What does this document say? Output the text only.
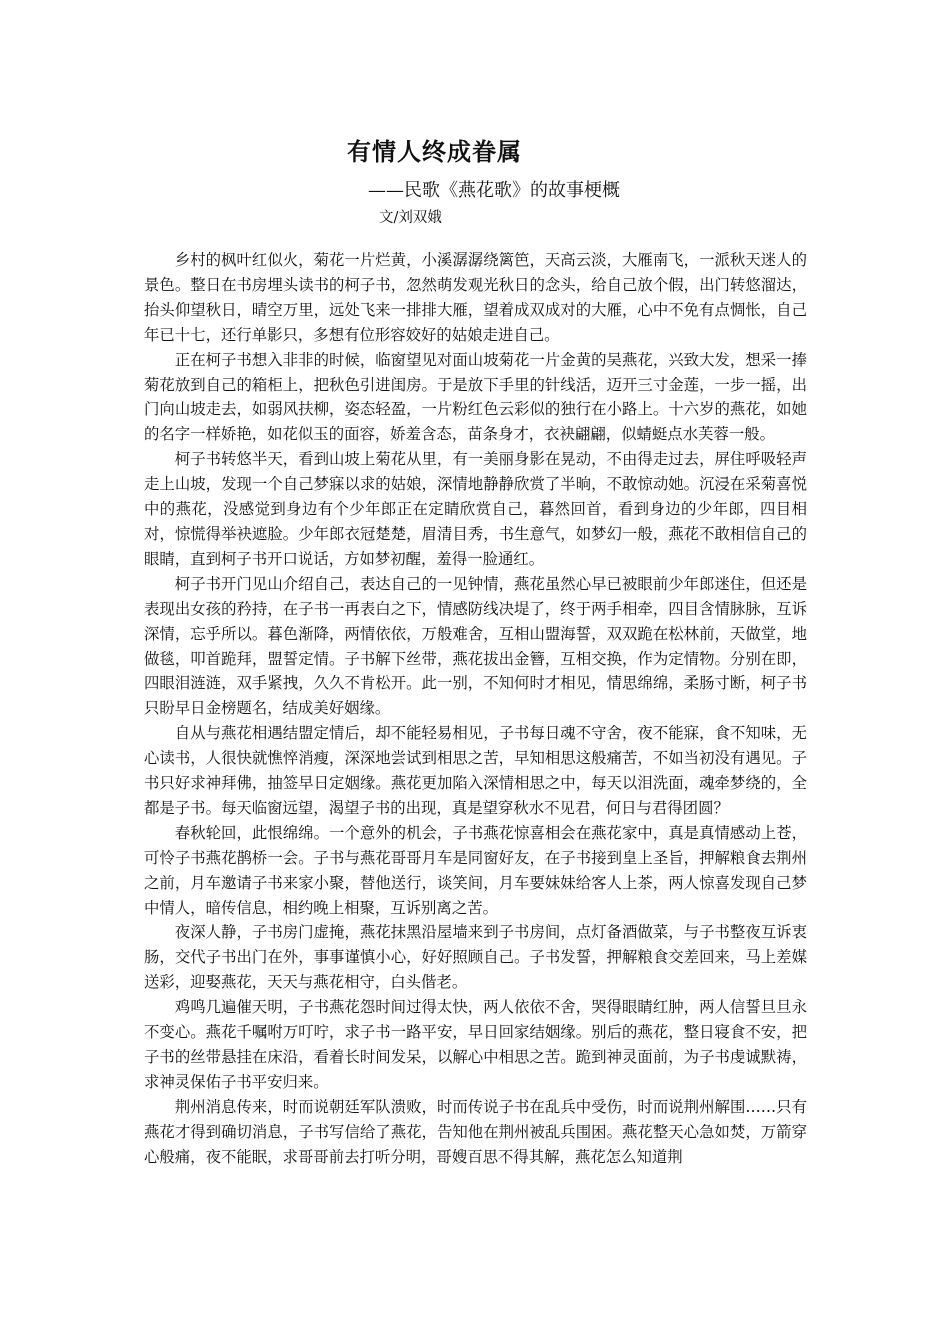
有情人终成眷属

——民歌《燕花歌》的故事梗概

文/刘双娥

乡村的枫叶红似火，菊花一片烂黄，小溪潺潺绕篱笆，天高云淡，大雁南飞，一派秋天迷人的景色。整日在书房埋头读书的柯子书，忽然萌发观光秋日的念头，给自己放个假，出门转悠溜达，抬头仰望秋日，晴空万里，远处飞来一排排大雁，望着成双成对的大雁，心中不免有点惆怅，自己年已十七，还行单影只，多想有位形容姣好的姑娘走进自己。

正在柯子书想入非非的时候，临窗望见对面山坡菊花一片金黄的吴燕花，兴致大发，想采一捧菊花放到自己的箱柜上，把秋色引进闺房。于是放下手里的针线活，迈开三寸金莲，一步一摇，出门向山坡走去，如弱风扶柳，姿态轻盈，一片粉红色云彩似的独行在小路上。十六岁的燕花，如她的名字一样娇艳，如花似玉的面容，娇羞含态，苗条身才，衣袂翩翩，似蜻蜓点水芙蓉一般。

柯子书转悠半天，看到山坡上菊花从里，有一美丽身影在晃动，不由得走过去，屏住呼吸轻声走上山坡，发现一个自己梦寐以求的姑娘，深情地静静欣赏了半晌，不敢惊动她。沉浸在采菊喜悦中的燕花，没感觉到身边有个少年郎正在定睛欣赏自己，暮然回首，看到身边的少年郎，四目相对，惊慌得举袂遮脸。少年郎衣冠楚楚，眉清目秀，书生意气，如梦幻一般，燕花不敢相信自己的眼睛，直到柯子书开口说话，方如梦初醒，羞得一脸通红。

柯子书开门见山介绍自己，表达自己的一见钟情，燕花虽然心早已被眼前少年郎迷住，但还是表现出女孩的矜持，在子书一再表白之下，情感防线决堤了，终于两手相牵，四目含情脉脉，互诉深情，忘乎所以。暮色渐降，两情依依，万般难舍，互相山盟海誓，双双跪在松林前，天做堂，地做毯，叩首跪拜，盟誓定情。子书解下丝带，燕花拔出金簪，互相交换，作为定情物。分别在即，四眼泪涟涟，双手紧拽，久久不肯松开。此一别，不知何时才相见，情思绵绵，柔肠寸断，柯子书只盼早日金榜题名，结成美好姻缘。

自从与燕花相遇结盟定情后，却不能轻易相见，子书每日魂不守舍，夜不能寐，食不知味，无心读书，人很快就憔悴消瘦，深深地尝试到相思之苦，早知相思这般痛苦，不如当初没有遇见。子书只好求神拜佛，抽签早日定姻缘。燕花更加陷入深情相思之中，每天以泪洗面，魂牵梦绕的，全都是子书。每天临窗远望，渴望子书的出现，真是望穿秋水不见君，何日与君得团圆？

春秋轮回，此恨绵绵。一个意外的机会，子书燕花惊喜相会在燕花家中，真是真情感动上苍，可怜子书燕花鹊桥一会。子书与燕花哥哥月车是同窗好友，在子书接到皇上圣旨，押解粮食去荆州之前，月车邀请子书来家小聚，替他送行，谈笑间，月车要妹妹给客人上茶，两人惊喜发现自己梦中情人，暗传信息，相约晚上相聚，互诉别离之苦。

夜深人静，子书房门虚掩，燕花抹黑沿屋墙来到子书房间，点灯备酒做菜，与子书整夜互诉衷肠，交代子书出门在外，事事谨慎小心，好好照顾自己。子书发誓，押解粮食交差回来，马上差媒送彩，迎娶燕花，天天与燕花相守，白头偕老。

鸡鸣几遍催天明，子书燕花怨时间过得太快，两人依依不舍，哭得眼睛红肿，两人信誓旦旦永不变心。燕花千嘱咐万叮咛，求子书一路平安，早日回家结姻缘。别后的燕花，整日寝食不安，把子书的丝带悬挂在床沿，看着长时间发呆，以解心中相思之苦。跪到神灵面前，为子书虔诚默祷，求神灵保佑子书平安归来。

荆州消息传来，时而说朝廷军队溃败，时而传说子书在乱兵中受伤，时而说荆州解围……只有燕花才得到确切消息，子书写信给了燕花，告知他在荆州被乱兵围困。燕花整天心急如焚，万箭穿心般痛，夜不能眠，求哥哥前去打听分明，哥嫂百思不得其解，燕花怎么知道荆
